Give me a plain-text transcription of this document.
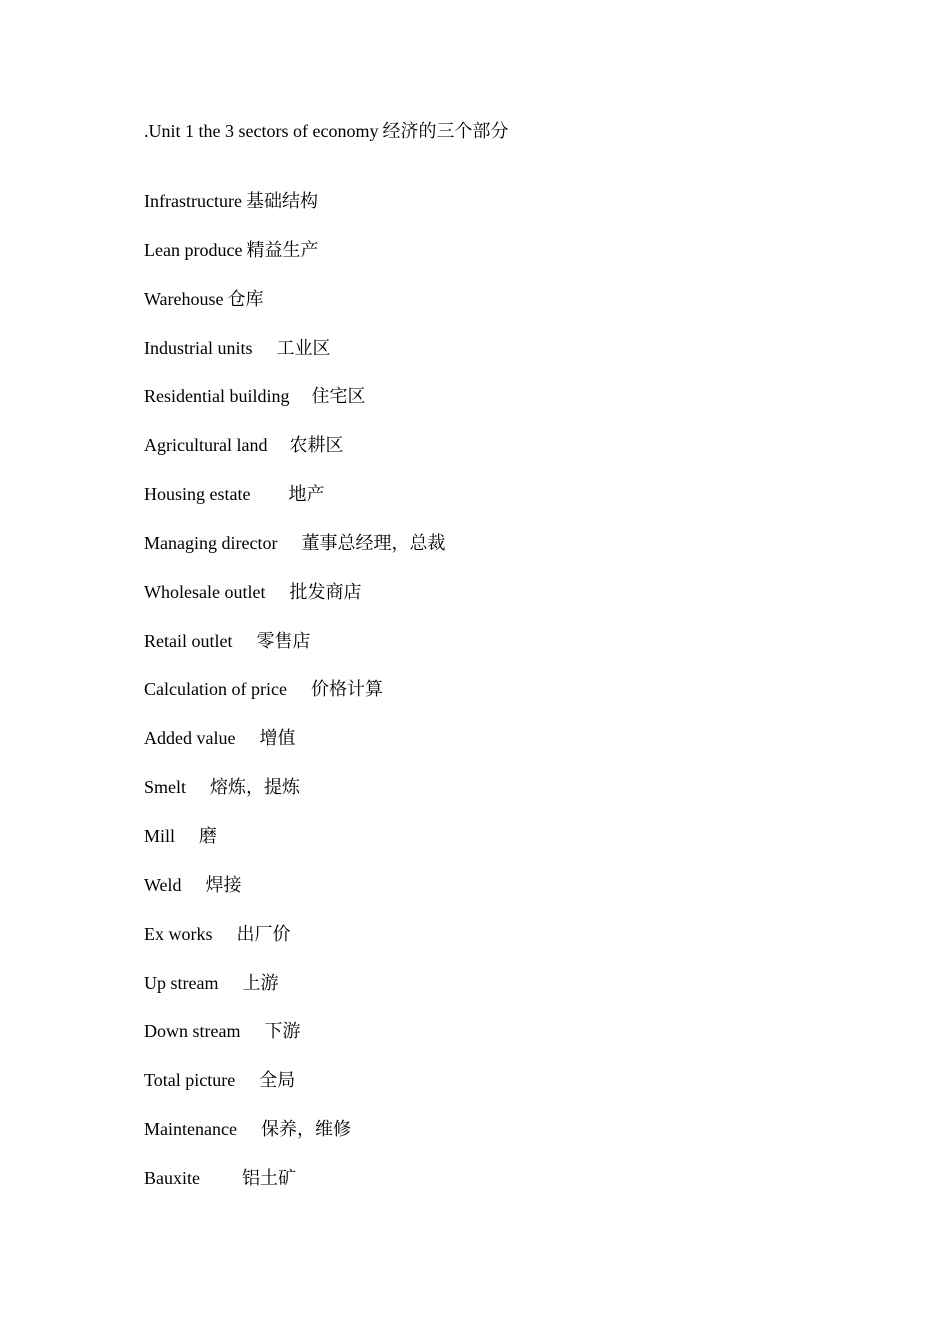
.Unit 1 the 3 sectors of economy 经济的三个部分
Infrastructure 基础结构
Lean produce 精益生产
Warehouse 仓库
Industrial units 工业区
Residential building 住宅区
Agricultural land 农耕区
Housing estate 地产
Managing director 董事总经理，总裁
Wholesale outlet 批发商店
Retail outlet 零售店
Calculation of price 价格计算
Added value 增值
Smelt 熔炼，提炼
Mill 磨
Weld 焊接
Ex works 出厂价
Up stream 上游
Down stream 下游
Total picture 全局
Maintenance 保养，维修
Bauxite 铝土矿
